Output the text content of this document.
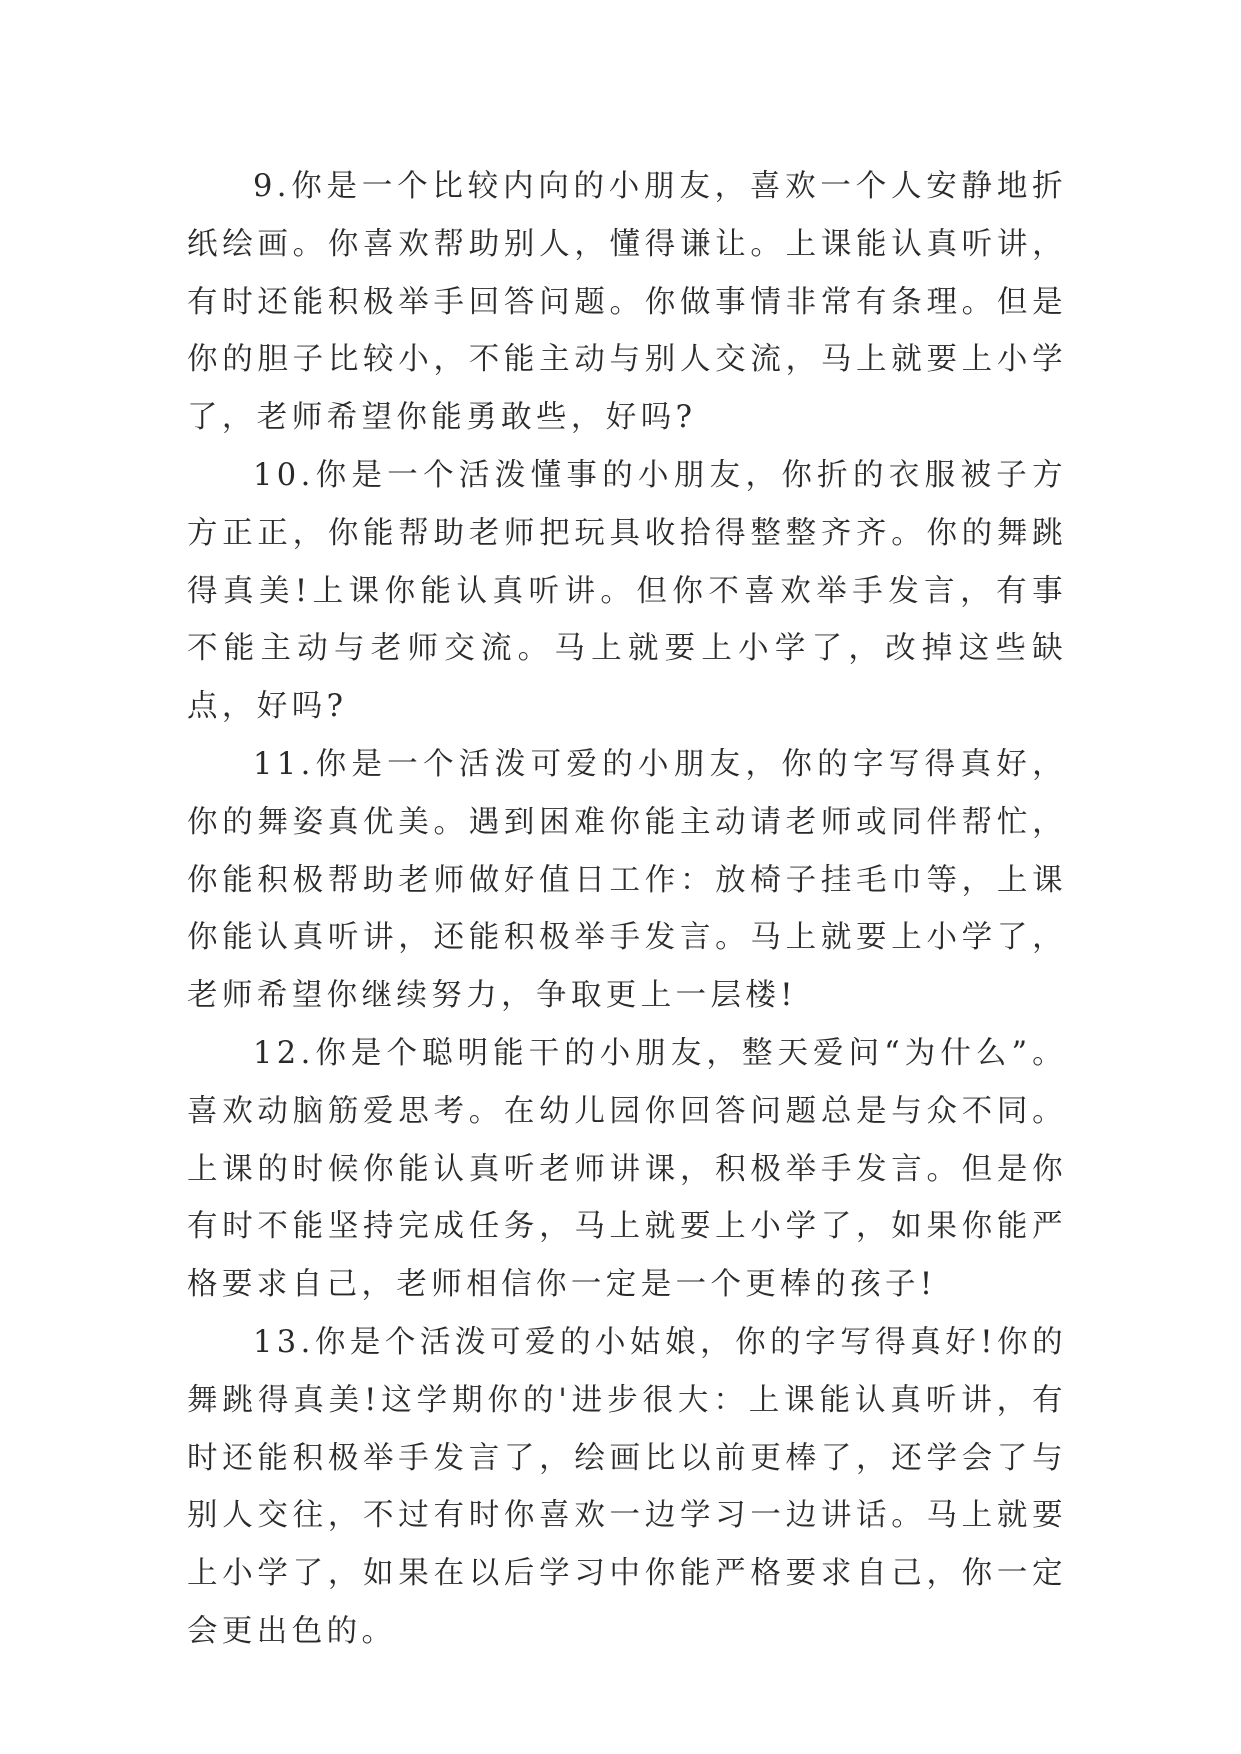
9.你是一个比较内向的小朋友，喜欢一个人安静地折纸绘画。你喜欢帮助别人，懂得谦让。上课能认真听讲，有时还能积极举手回答问题。你做事情非常有条理。但是你的胆子比较小，不能主动与别人交流，马上就要上小学了，老师希望你能勇敢些，好吗?

10.你是一个活泼懂事的小朋友，你折的衣服被子方方正正，你能帮助老师把玩具收拾得整整齐齐。你的舞跳得真美!上课你能认真听讲。但你不喜欢举手发言，有事不能主动与老师交流。马上就要上小学了，改掉这些缺点，好吗?

11.你是一个活泼可爱的小朋友，你的字写得真好，你的舞姿真优美。遇到困难你能主动请老师或同伴帮忙，你能积极帮助老师做好值日工作：放椅子挂毛巾等，上课你能认真听讲，还能积极举手发言。马上就要上小学了，老师希望你继续努力，争取更上一层楼!

12.你是个聪明能干的小朋友，整天爱问“为什么”。喜欢动脑筋爱思考。在幼儿园你回答问题总是与众不同。上课的时候你能认真听老师讲课，积极举手发言。但是你有时不能坚持完成任务，马上就要上小学了，如果你能严格要求自己，老师相信你一定是一个更棒的孩子!

13.你是个活泼可爱的小姑娘，你的字写得真好!你的舞跳得真美!这学期你的'进步很大：上课能认真听讲，有时还能积极举手发言了，绘画比以前更棒了，还学会了与别人交往，不过有时你喜欢一边学习一边讲话。马上就要上小学了，如果在以后学习中你能严格要求自己，你一定会更出色的。
